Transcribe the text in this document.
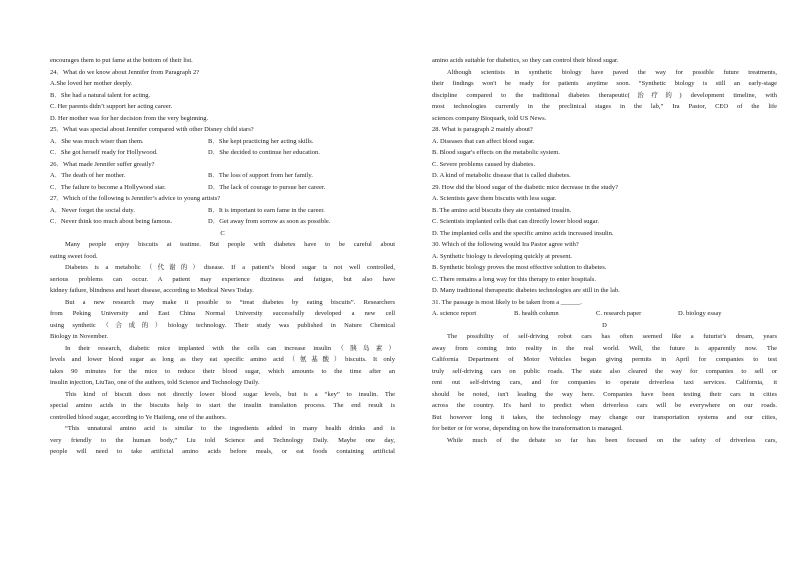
encourages them to put fame at the bottom of their list.
24．What do we know about Jennifer from Paragraph 2?
A.She loved her mother deeply.
B．She had a natural talent for acting.
C. Her parents didn’t support her acting career.
D. Her mother was for her decision from the very beginning.
25．What was special about Jennifer compared with other Disney child stars?
A．She was much wiser than them.	B．She kept practicing her acting skills.
C．She got herself ready for Hollywood.	D．She decided to continue her education.
26．What made Jennifer suffer greatly?
A．The death of her mother.	B．The loss of support from her family.
C．The failure to become a Hollywood star.	D．The lack of courage to pursue her career.
27．Which of the following is Jennifer’s advice to young artists?
A．Never forget the social duty.	B．It is important to earn fame in the career.
C．Never think too much about being famous.	D．Get away from sorrow as soon as possible.
C
Many people enjoy biscuits at teatime. But people with diabetes have to be careful about
eating sweet food.
Diabetes is a metabolic（代谢的）disease. If a patient’s blood sugar is not well controlled,
serious problems can occur. A patient may experience dizziness and fatigue, but also have
kidney failure, blindness and heart disease, according to Medical News Today.
But a new research may make it possible to “treat diabetes by eating biscuits”. Researchers
from Peking University and East China Normal University successfully developed a new cell
using synthetic（合成的）biology technology. Their study was published in Nature Chemical
Biology in November.
In their research, diabetic mice implanted with the cells can increase insulin（胰岛素）
levels and lower blood sugar as long as they eat specific amino acid（氨基酸）biscuits. It only
takes 90 minutes for the mice to reduce their blood sugar, which amounts to the time after an
insulin injection, LiuTao, one of the authors, told Science and Technology Daily.
This kind of biscuit does not directly lower blood sugar levels, but is a “key” to insulin. The
special amino acids in the biscuits help to start the insulin translation process. The end result is
controlled blood sugar, according to Ye Haifeng, one of the authors.
“This unnatural amino acid is similar to the ingredients added in many health drinks and is
very friendly to the human body,” Liu told Science and Technology Daily. Maybe one day,
people will need to take artificial amino acids before meals, or eat foods containing artificial
amino acids suitable for diabetics, so they can control their blood sugar.
Although scientists in synthetic biology have paved the way for possible future treatments,
their findings won't be ready for patients anytime soon. “Synthetic biology is still an early-stage
discipline compared to the traditional diabetes therapeutic(治疗的) development timeline, with
most technologies currently in the preclinical stages in the lab,” Ira Pastor, CEO of the life
sciences company Bioquark, told US News.
28. What is paragraph 2 mainly about?
A. Diseases that can affect blood sugar.
B. Blood sugar's effects on the metabolic system.
C. Severe problems caused by diabetes.
D. A kind of metabolic disease that is called diabetes.
29. How did the blood sugar of the diabetic mice decrease in the study?
A. Scientists gave them biscuits with less sugar.
B. The amino acid biscuits they ate contained insulin.
C. Scientists implanted cells that can directly lower blood sugar.
D. The implanted cells and the specific amino acids increased insulin.
30. Which of the following would Ira Pastor agree with?
A. Synthetic biology is developing quickly at present.
B. Synthetic biology proves the most effective solution to diabetes.
C. There remains a long way for this therapy to enter hospitals.
D. Many traditional therapeutic diabetes technologies are still in the lab.
31. The passage is most likely to be taken from a ______.
A. science report	B. health column	C. research paper	D. biology essay
D
The possibility of self-driving robot cars has often seemed like a futurist’s dream, years
away from coming into reality in the real world. Well, the future is apparently now. The
California Department of Motor Vehicles began giving permits in April for companies to test
truly self-driving cars on public roads. The state also cleared the way for companies to sell or
rent out self-driving cars, and for companies to operate driverless taxi services. California, it
should be noted, isn't leading the way here. Companies have been testing their cars in cities
across the country. It's hard to predict when driverless cars will be everywhere on our roads.
But however long it takes, the technology may change our transportation systems and our cities,
for better or for worse, depending on how the transformation is managed.
While much of the debate so far has been focused on the safety of driverless cars,
